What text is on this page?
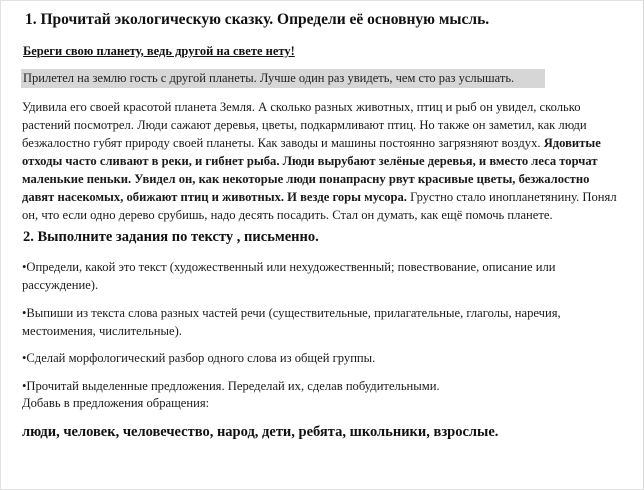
1. Прочитай экологическую сказку. Определи её основную мысль.
Береги свою планету, ведь другой на свете нету!
Прилетел на землю гость с другой планеты. Лучше один раз увидеть, чем сто раз услышать.
Удивила его своей красотой планета Земля. А сколько разных животных, птиц и рыб он увидел, сколько растений посмотрел. Люди сажают деревья, цветы, подкармливают птиц. Но также он заметил, как люди безжалостно губят природу своей планеты. Как заводы и машины постоянно загрязняют воздух. Ядовитые отходы часто сливают в реки, и гибнет рыба. Люди вырубают зелёные деревья, и вместо леса торчат маленькие пеньки. Увидел он, как некоторые люди понапрасну рвут красивые цветы, безжалостно давят насекомых, обижают птиц и животных. И везде горы мусора. Грустно стало инопланетянину. Понял он, что если одно дерево срубишь, надо десять посадить. Стал он думать, как ещё помочь планете.
2. Выполните задания по тексту , письменно.
•Определи, какой это текст (художественный или нехудожественный; повествование, описание или рассуждение).
•Выпиши из текста слова разных частей речи (существительные, прилагательные, глаголы, наречия, местоимения, числительные).
•Сделай морфологический разбор одного слова из общей группы.
•Прочитай выделенные предложения. Переделай их, сделав побудительными.
Добавь в предложения обращения:
люди, человек, человечество, народ, дети, ребята, школьники, взрослые.
